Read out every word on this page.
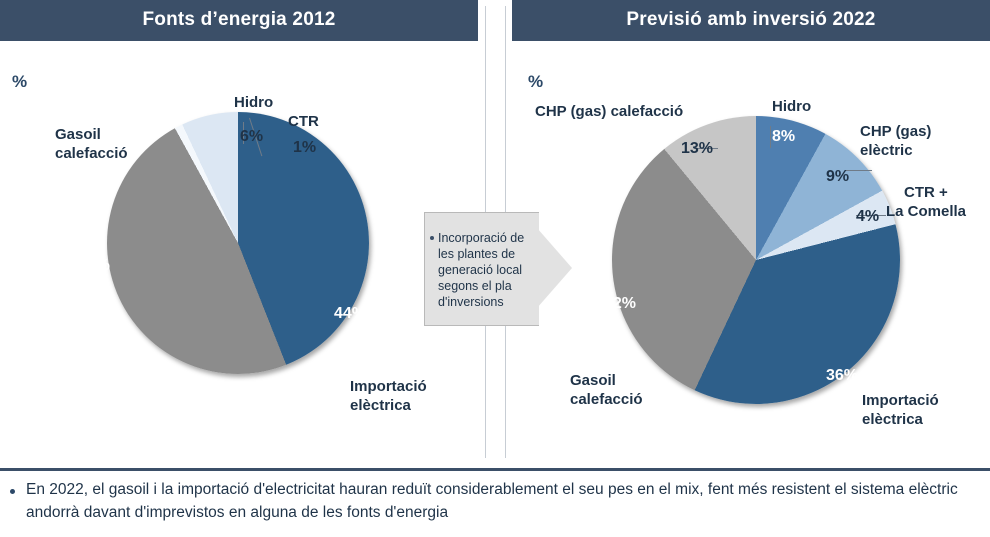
Fonts d’energia 2012
%
Hidro
CTR
Gasoil
calefacció
Importació
elèctrica
6%
1%
48%
44%
Incorporació de les plantes de generació local segons el pla d'inversions
Previsió amb inversió 2022
%
CHP (gas) calefacció	Hidro
CHP (gas)
elèctric
CTR +
La Comella
Gasoil
calefacció	Importació
elèctrica
13%
8%
9%
4%
32%
36%
En 2022, el gasoil i la importació d'electricitat hauran reduït considerablement el seu pes en el mix, fent més resistent el sistema elèctric andorrà davant d'imprevistos en alguna de les fonts d'energia
